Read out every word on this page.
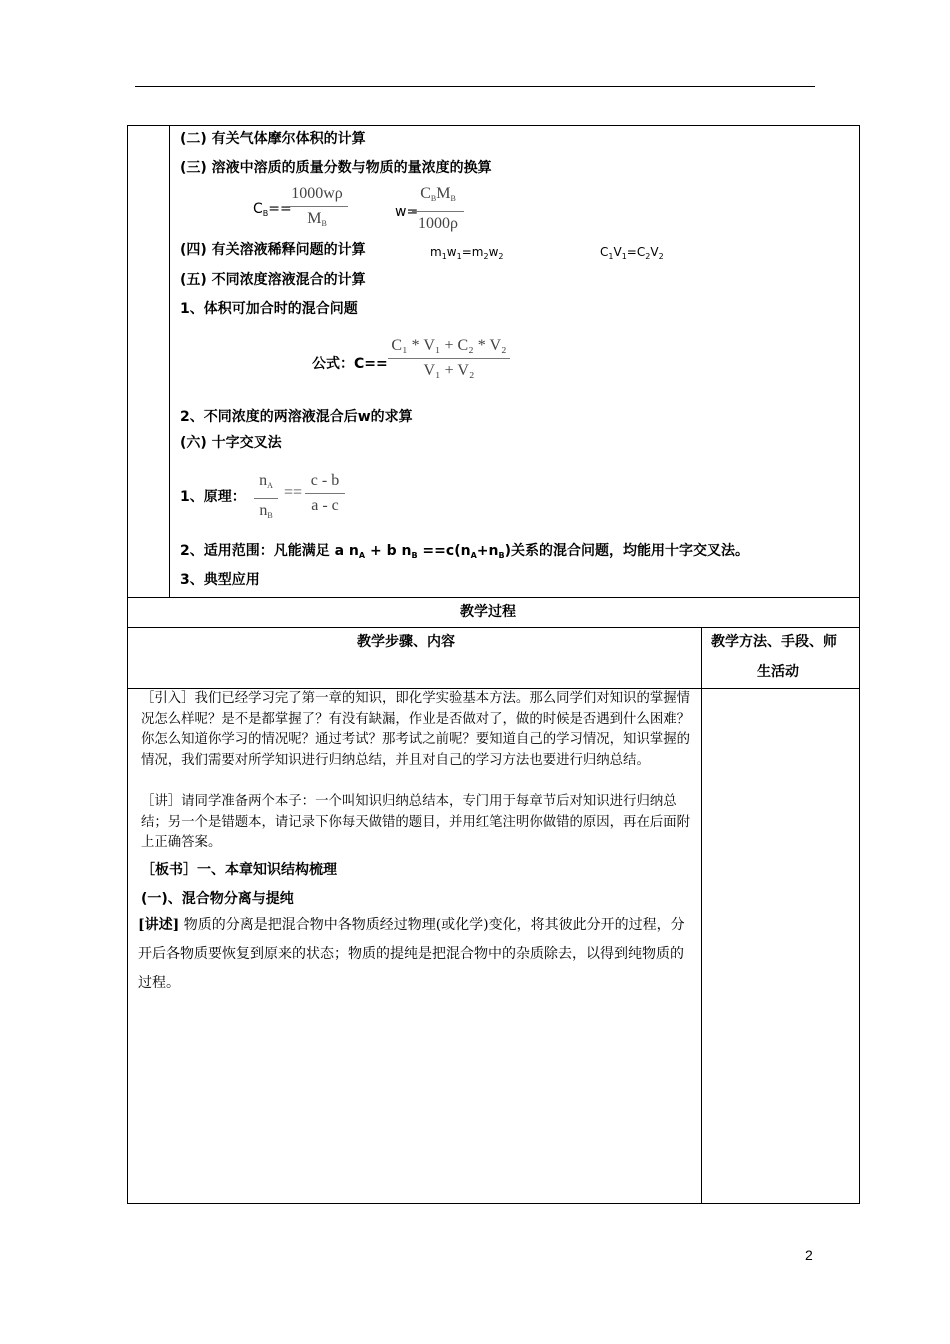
(二) 有关气体摩尔体积的计算
(三) 溶液中溶质的质量分数与物质的量浓度的换算
$C_B==$
1000wρ
$M_B$
w=
$C_BM_B$
1000ρ
(四) 有关溶液稀释问题的计算	$m_1w_1=m_2w_2$	$C_1V_1=C_2V_2$
(五) 不同浓度溶液混合的计算
1、体积可加合时的混合问题
公式：C==
C₁ * V₁ + C₂ * V₂
V₁ + V₂
2、不同浓度的两溶液混合后w的求算
(六) 十字交叉法
1、原理：
$n_A$
$n_B$
==
c - b
a - c
2、适用范围：凡能满足 a $n_A + b$ $n_B ==c(n_A+n_B)$关系的混合问题，均能用十字交叉法。
3、典型应用
教学过程
教学步骤、内容	教学方法、手段、师
生活动
［引入］我们已经学习完了第一章的知识，即化学实验基本方法。那么同学们对知识的掌握情况怎么样呢？是不是都掌握了？有没有缺漏，作业是否做对了，做的时候是否遇到什么困难？你怎么知道你学习的情况呢？通过考试？那考试之前呢？要知道自己的学习情况，知识掌握的情况，我们需要对所学知识进行归纳总结，并且对自己的学习方法也要进行归纳总结。
［讲］请同学准备两个本子：一个叫知识归纳总结本，专门用于每章节后对知识进行归纳总结；另一个是错题本，请记录下你每天做错的题目，并用红笔注明你做错的原因，再在后面附上正确答案。
［板书］一、本章知识结构梳理
(一)、混合物分离与提纯
[讲述] 物质的分离是把混合物中各物质经过物理(或化学)变化，将其彼此分开的过程，分开后各物质要恢复到原来的状态；物质的提纯是把混合物中的杂质除去，以得到纯物质的过程。
2
